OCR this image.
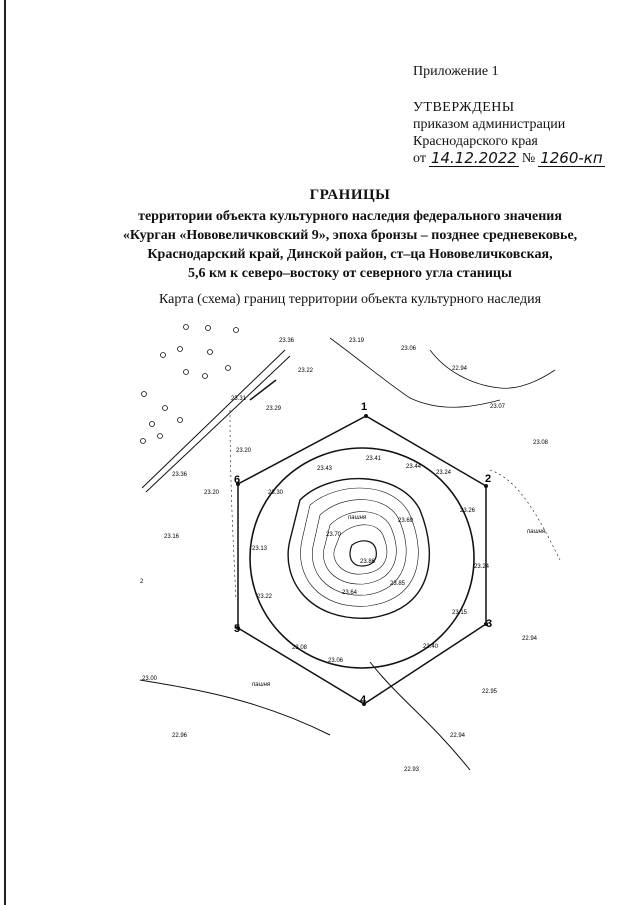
Приложение 1
УТВЕРЖДЕНЫ
приказом администрации
Краснодарского края
от 14.12.2022 № 1260-кп
ГРАНИЦЫ
территории объекта культурного наследия федерального значения
«Курган «Нововеличковский 9», эпоха бронзы – позднее средневековье,
Краснодарский край, Динской район, ст–ца Нововеличковская,
5,6 км к северо–востоку от северного угла станицы
Карта (схема) границ территории объекта культурного наследия
1
2
3
4
5
6
23.36	23.19
23.06
23.22	22.94
23.31
23.29	23.07
23.08
23.20
23.41
23.43	23.44
23.24
23.36
23.20	23.30
23.26
23.16
23.69
23.70
23.13
23.86
23.24
23.85
23.64
23.22
23.15
23.08	23.40
23.06
22.94
23.00
22.95
22.96	22.94
22.93
пашня
пашня
пашня
2
